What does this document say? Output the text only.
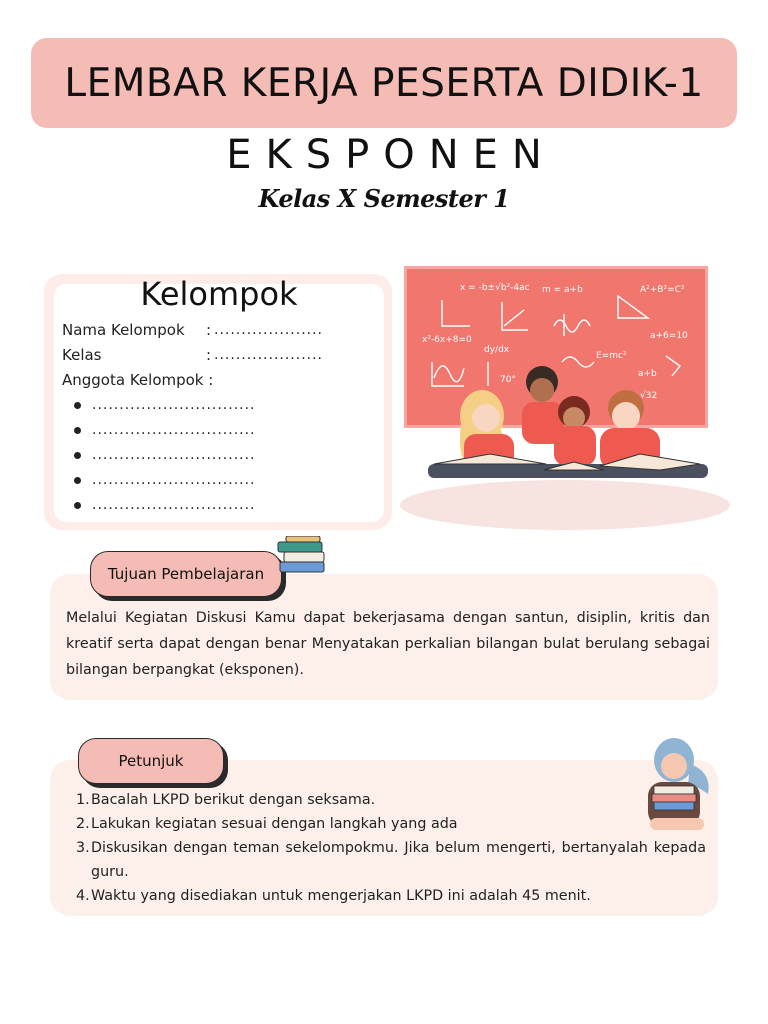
LEMBAR KERJA PESERTA DIDIK-1
EKSPONEN
Kelas X Semester 1
Kelompok
Nama Kelompok : ....................
Kelas	: ....................
Anggota Kelompok :
..............................
..............................
..............................
..............................
..............................
x = -b±√b²-4ac m = a+b	A²+B²=C²
x²-6x+8=0
dy/dx
E=mc²
a+6=10
70°
√32
a+b
Tujuan Pembelajaran
Melalui Kegiatan Diskusi Kamu dapat bekerjasama dengan santun, disiplin, kritis dan kreatif serta dapat dengan benar Menyatakan perkalian bilangan bulat berulang sebagai bilangan berpangkat (eksponen).
Petunjuk
1. Bacalah LKPD berikut dengan seksama.
2. Lakukan kegiatan sesuai dengan langkah yang ada
3. Diskusikan dengan teman sekelompokmu. Jika belum mengerti, bertanyalah kepada guru.
4. Waktu yang disediakan untuk mengerjakan LKPD ini adalah 45 menit.
